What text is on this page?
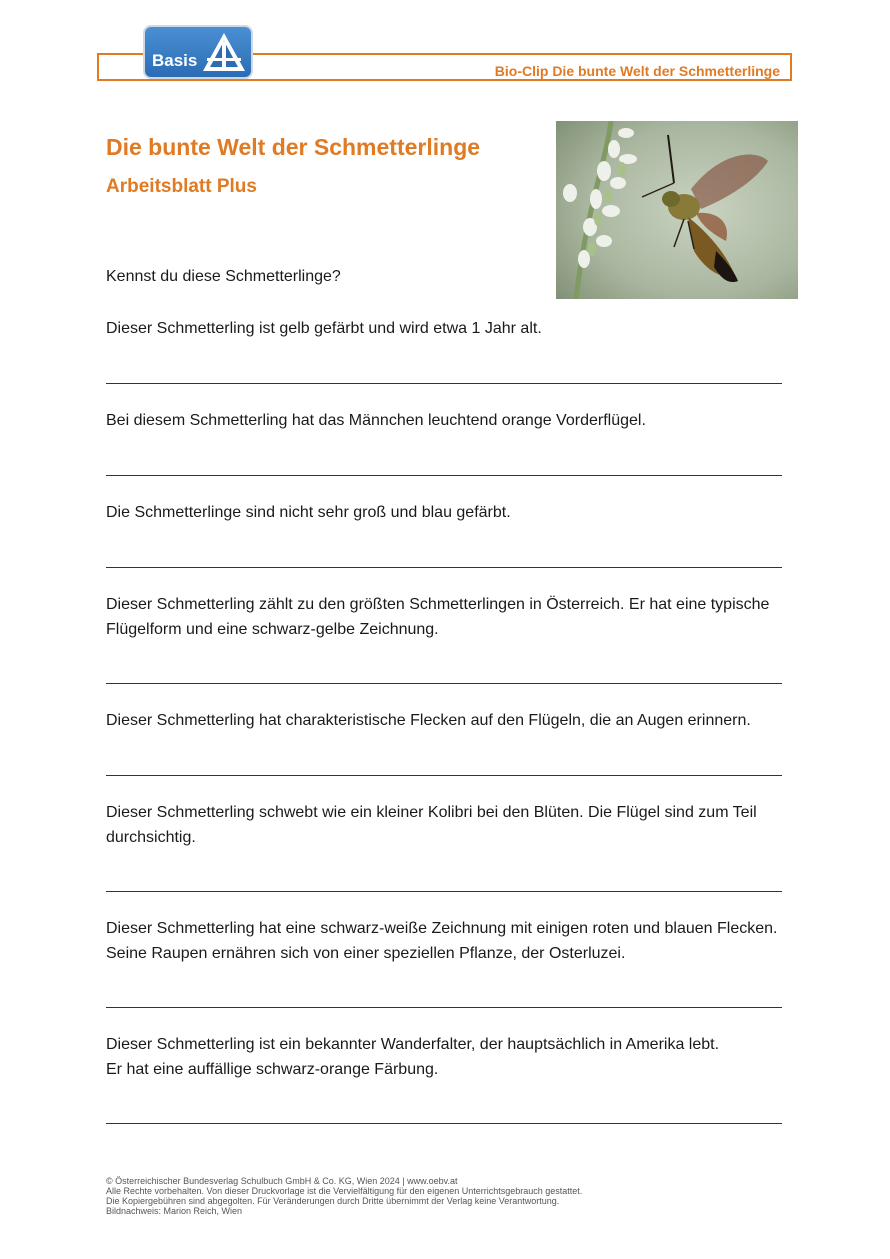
Bio-Clip Die bunte Welt der Schmetterlinge
Basis
Die bunte Welt der Schmetterlinge
Arbeitsblatt Plus
Kennst du diese Schmetterlinge?
Dieser Schmetterling ist gelb gefärbt und wird etwa 1 Jahr alt.
Bei diesem Schmetterling hat das Männchen leuchtend orange Vorderflügel.
Die Schmetterlinge sind nicht sehr groß und blau gefärbt.
Dieser Schmetterling zählt zu den größten Schmetterlingen in Österreich. Er hat eine typische Flügelform und eine schwarz-gelbe Zeichnung.
Dieser Schmetterling hat charakteristische Flecken auf den Flügeln, die an Augen erinnern.
Dieser Schmetterling schwebt wie ein kleiner Kolibri bei den Blüten. Die Flügel sind zum Teil durchsichtig.
Dieser Schmetterling hat eine schwarz-weiße Zeichnung mit einigen roten und blauen Flecken. Seine Raupen ernähren sich von einer speziellen Pflanze, der Osterluzei.
Dieser Schmetterling ist ein bekannter Wanderfalter, der hauptsächlich in Amerika lebt.
Er hat eine auffällige schwarz-orange Färbung.
© Österreichischer Bundesverlag Schulbuch GmbH & Co. KG, Wien 2024 | www.oebv.at
Alle Rechte vorbehalten. Von dieser Druckvorlage ist die Vervielfältigung für den eigenen Unterrichtsgebrauch gestattet.
Die Kopiergebühren sind abgegolten. Für Veränderungen durch Dritte übernimmt der Verlag keine Verantwortung.
Bildnachweis: Marion Reich, Wien
